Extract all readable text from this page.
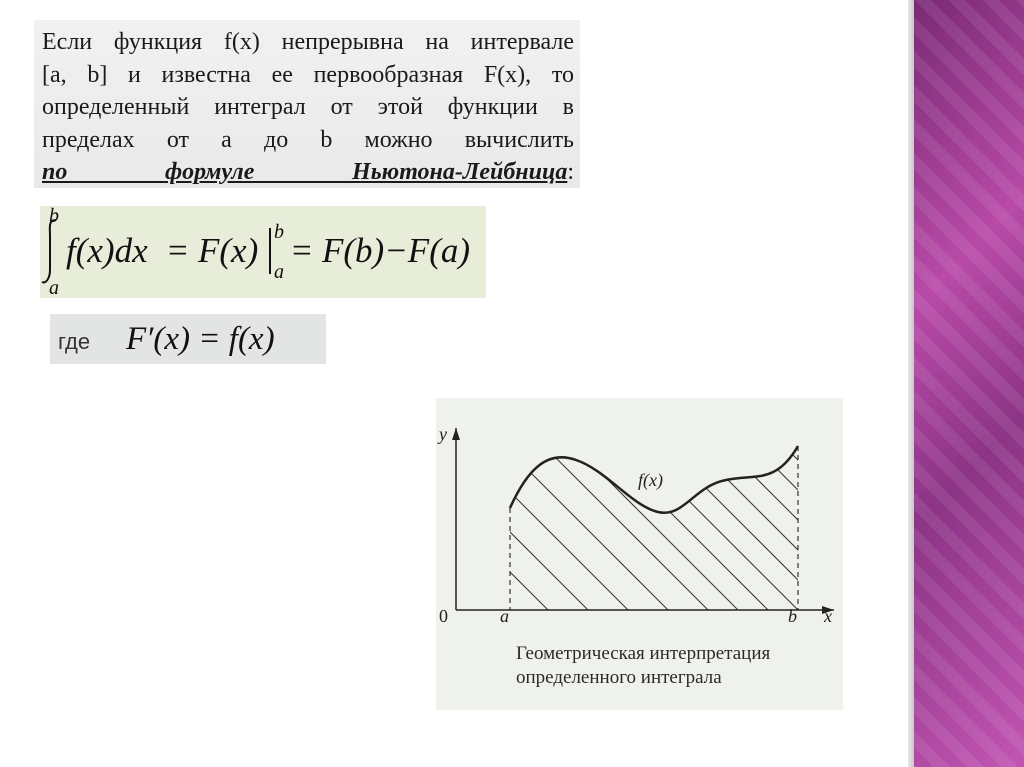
Если функция f(x) непрерывна на интервале
[a, b] и известна ее первообразная F(x), то
определенный интеграл от этой функции в
пределах от a до b можно вычислить
по формуле Ньютона-Лейбница:

b
a
f(x)dx = F(x) b
a
= F(b)−F(a)
где F′(x) = f(x)
y
x
0	a	b
f(x)
Геометрическая интерпретация
определенного интеграла
